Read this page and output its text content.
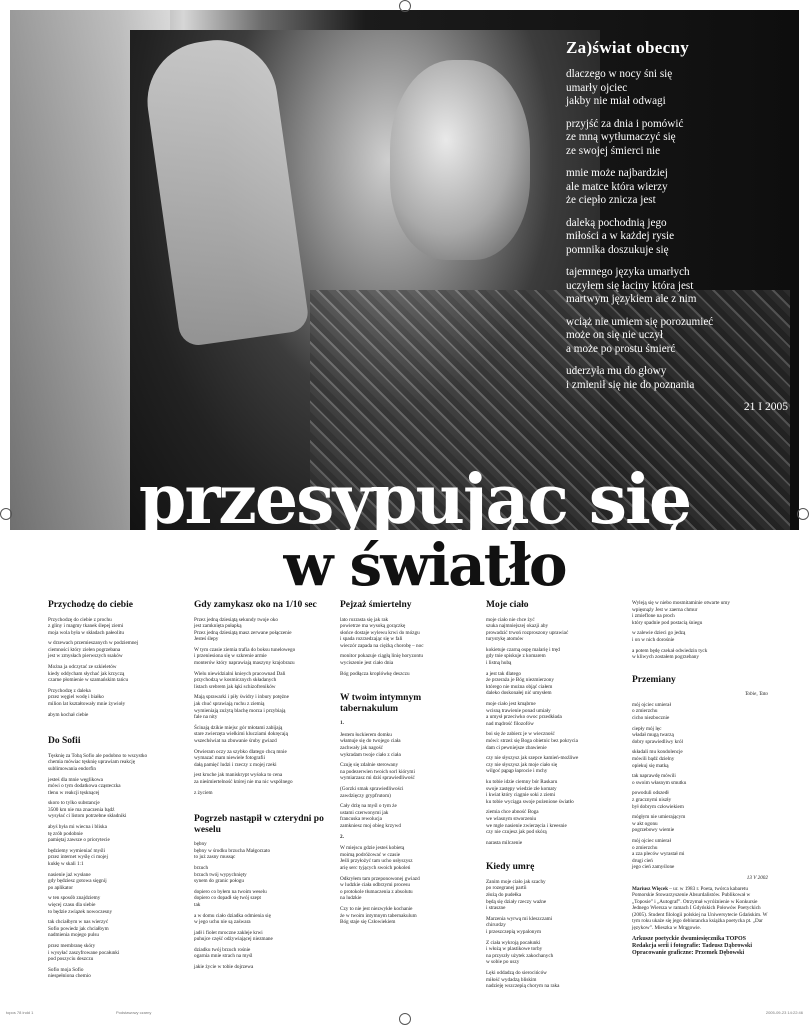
Za)świat obecny
dlaczego w nocy śni się
umarły ojciec
jakby nie miał odwagi
przyjść za dnia i pomówić
ze mną wytłumaczyć się
ze swojej śmierci nie
mnie może najbardziej
ale matce która wierzy
że ciepło znicza jest
daleką pochodnią jego
miłości a w każdej rysie
pomnika doszukuje się
tajemnego języka umarłych
uczyłem się łaciny która jest
martwym językiem ale z nim
wciąż nie umiem się porozumieć
może on się nie uczył
a może po prostu śmierć
uderzyła mu do głowy
i zmienił się nie do poznania
21 I 2005
przesypując się
w światło
Przychodzę do ciebie

Przychodzę do ciebie z prochu
z gliny i magmy tkanek ślepej ziemi
moja wola była w składach pałeolitu

w drzewach przemieszanych w podziemnej
ciemności który zielen pogrzebana
jest w zmysłach pierwszych ssaków

Można ja odczytać ze szkieletów
kiedy oddycham słychać jak krzyczą
czarne płomienie w szamańskim tańcu

Przychodzę z daleka
przez węgiel wodę i białko
milion lat kształtowały mnie żywioły

abym kochał ciebie

Do Sofii

Tęsknię za Tobą Sofio ale podobno to wszystko
chemia mówiac tęsknię uprawiam reakcję
sublimowania endorfin

jesteś dla mnie węglikowa
mówi o tym dodatkowa cząsteczka
tlenu w reakcji tęsknącej

skoro to tylko substancje
3500 km nie ma znaczenia bądź
wysyłać ci listom potrzebne składniki

abyś była mi wiecna i bliska
tę zrób podobnie
pamiętaj zawsze o priorytecie

będziemy wymieniać myśli
przez internet wyślę ci mojej
kukłę w skali 1:1

nasienie jaż wysłane
gdy będziesz gotowa sięgnij
po aplikator

w ten sposób znajdziemy
więcej czasu dla siebie
to będzie związek nowoczesny

tak chciałbym w nas wierzyć
Sofio powiedz jak chciałbym
nadmienia mojego pulsu

przez membranę skóry
i wysyłać zaszyfrowane pocałunki
pod poszyciu deszczu

Sofio moja Sofio
niespełniona chemio

Gdy zamykasz oko na 1/10 sec

Przez jedną dziesiątą sekundy twoje oko
jest zamknięta pułapką
Przez jedną dziesiątą masz zerwane połączenie
Jesteś ślepy

W tym czasie ziemia trafia do boksu tunelowego
i przeniesiona się w szkrenie armie
monterów który naprawiają maszyny krajobrazu

Wielu niewidzialni knieych pracownad Dali
przychodzą w kosmicznych składanych
listach srebrem jak łąki schizofreników

Mają sprawarki i piły świdry i inbury potężne
jak chuć sprawiają ruchu z ziemią
wymieniają zużytą blachę morza i przybiają
fale na nity

Ścinają dzikie miejsc gór młotami zabijają
stare zwierzęta wielkimi klucziami dokręcają
wszechświat na zbuwanie śruby gwiazd

Otwieram oczy za szybko dlatego chcą mnie
wymazać mam niewiele fotografii
dałą pamięć ludzi i rzeczy z mojej rzeki

jest kruche jak maniskrypt wyśoka to cena
za nieśmiertelność której nie ma nic wspólnego

z życiem

Pogrzeb nastąpił w czterydni po weselu

bębny
bębny w środku brzucha Małgorzato
to już zasny mussąc

brzuch
brzuch twój wypychnięty
synem do granic połogu

dopiero co byłem na twoim weselu
dopiero co dopadł się twój szept
tak

a w domu ciało dziadka odmienia się
w jego uchu nie są zaśwara

jadł i fiolet mroczne zakleje krwi
puhujce część odżywiającej niezmane

dziadku twój brzuch rośnie
ogarnia mnie strach na myśl

jakie życie w tobie dojrzewa

Pejzaż śmiertelny

lato rozrasta się jak rak
powietrze ma wysoką gorączkę
słońce dostaje wylewu krwi do mózgu
i spada rozrzedzając się w fali
wieczór zapada na ciężką chorobę – noc

monitor pokazuje ciągłą linię horyzontu
wyciszenie jest ciało dnia

Bóg podłącza kroplówkę deszczu

W twoim intymnym tabernakulum

1.

Jestem łuckierem domku
włamuje się do twojego ciała
zachwały jak nagość
wykradam twoje ciało z ciała

Czuję się zdalnie sterowany
na podezerwien twoich sorl kiórymi
wymiarzasz mi dziś sprawiedliwość

(Gorzki smak sprawiedliwości
zawdzięczy grypfrutom)

Cały drżę na myśl o tym że
ustami czerwonymi jak
francuska rewolucja
zamkniesz moj obieg krzywd

2.

W miejscu gdzie jesteś kobietą
moimą podróżować w czasie
Jeśli przyłożyć tam ucho usłyszysz
arię serc tyjących swoich pokoleń

Odkryłem tam przeponowonej gwiazd
w ludzkie ciała odbrzymi procesu
o protokole tłumaczenia z absolutu
na ludzkie

Czy to nie jest niezwykłe kochanie
że w twoim intymnym tabernakulum
Bóg staje się Człowiekiem

Moje ciało

moje ciało nie chce żyć
szuka najmniejszej okazji aby
prowadzić trwoń rozproszony uprawiać
turystykę atomów

kokietuje czarną ospę malarię i tręd
gdy tnie spiskuje z komarem
i listną hubą

a jest tak dlatego
że przeraża je Bóg niezmierzony
którego nie można objąć ciałem
daleko doskonałej nić umysłem

moje ciało jest kmąbrne
wcisną trawienie ponad umiały
a umysł przeciwko owoc przedkłada
nad mądrość filozofów

boi się że zabierz je w wieczność
mówi: strzeż się Boga obietnic bez pokrycia
dam ci pewniejsze zbawienie

czy nie słyszysz jak szepce kamień-możliwe
czy nie słyszysz jak moje ciało się
wilgoć pąpąp łaprocie i mchy

ku tobie idzie ciemny bór Raskaru
swoje zastępy wiedzie złe komaty
i kwiat który ciągnie soki z ziemi
ku tobie wyciąga swoje pożenione światło

ziemia chce abność Boga
we wlasnym stworzeniu
we mgle nasienie zwierzęcia i kreesnie
czy nie czujesz jak pod skórą

narasta milczenie

Kiedy umrę

Zanim moje ciało jak szachy
po rozegranej partii
złożą do pudełka
będą się działy rzeczy ważne
i straszne

Marzenia wyrwą mi kleszczami
chirurdzy
i przeszczepią wypalonym

Z ciała wykroją pocałunki
i włożą w plastikowe torby
na przyszły użytek zakochanych
w sobie po uszy

Lęki oddadzą do sierocińców
miłość wydadzą bliskim
nadzieję wszczepią chorym na raka

Wyleją się w niebo mosmitaminie otwarte umy
wpięsnąży Jest w zaerna chmur
i zmieflone na proch
który spadnie pod postacią śniegu

w zalewie dzieci go jedzą
i on w nich dorośnie

a potem będę czekał odwiedzin tyck
w kliwych zostałem pogrzebany

Przemiany

Tobie, Tato

mój ojciec umierał
o zmierzchu
cicho niezbocznie

ciepły mój lęc
władał mugą twarzą
dobry sprawiedliwy król

składali mu kondolencje
mówili bądź dzielny
opiekuj się matką

tak naprawdę mówili
o swoim własnym smutku

powoduli odszedł
z gracznymi niszły
był dobrym człowiekiem

mógłym nie umierającym
w akt ogonu
pogrzebowy wiemie

mój ojciec umierał
o zmierzchu
a zza pleców wyrastał mi
drugi cień
jego cień zamyślone

13 V 2002

Mariusz Więcek – ur. w 1983 r. Poeta, twórca kabaretu Pomorskie Stowarzyszenie Absurdalistów. Publikował w „Toposie” i „Autograf”. Otrzymał wyróżnienie w Konkursie Jednego Wiersza w ramach I Gdyńskich Połowów Poetyckich (2005). Student filologii polskiej na Uniwersytecie Gdańskim. W tym roku ukaże się jego debiutancka książka poetycka pt. „Dar językow”. Mieszka w Mrągowie.

Arkusze poetyckie dwumiesięcznika TOPOS
Redakcja serii i fotografie: Tadeusz Dąbrowski
Opracowanie graficzne: Przemek Dębowski
topos 78 indd 1	Podstawowy czarny	2005-09-23 14:22:46
